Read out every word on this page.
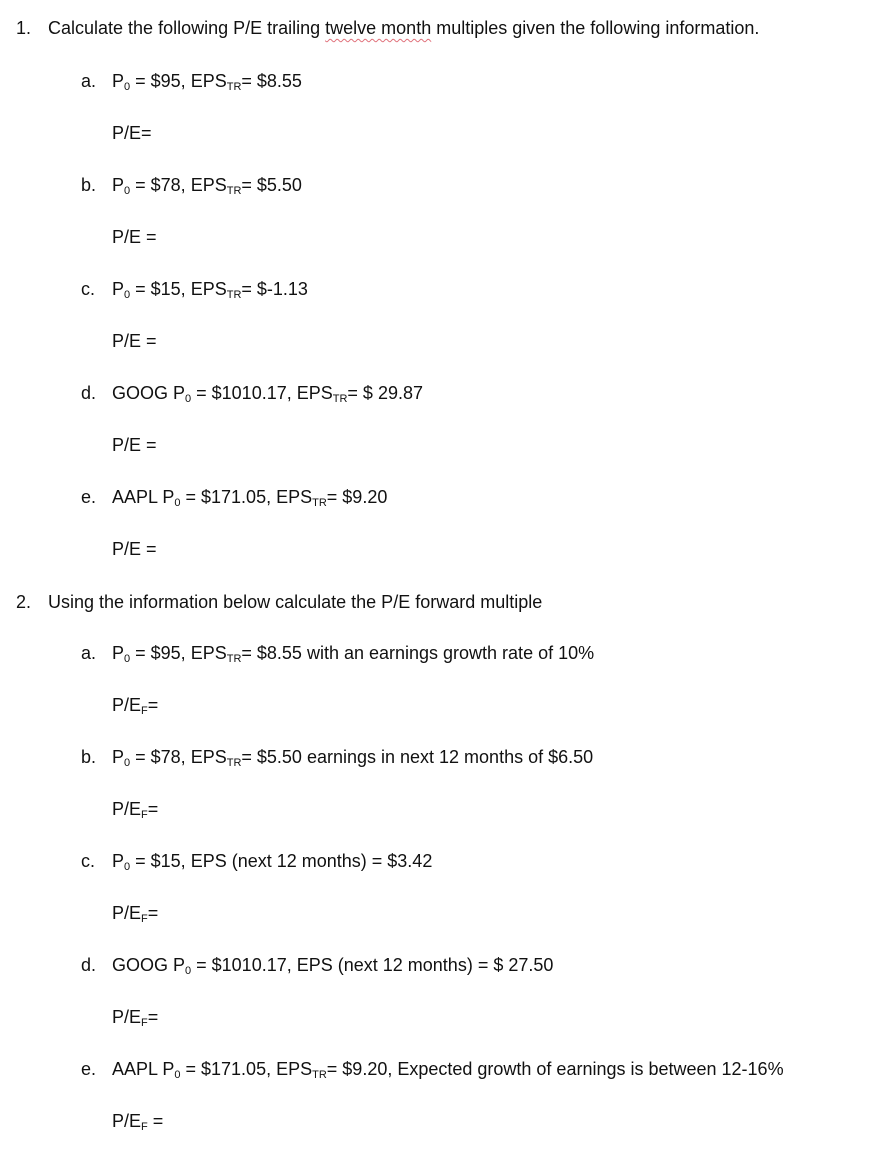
1. Calculate the following P/E trailing twelve month multiples given the following information.
a. $P_0$ = $95, $EPS_{TR}=$ $8.55
P/E=
b. $P_0$ = $78, $EPS_{TR}=$ $5.50
P/E =
c. $P_0$ = $15, $EPS_{TR}=$ $-1.13
P/E =
d. GOOG $P_0$ = $1010.17, $EPS_{TR}=$ $ 29.87
P/E =
e. AAPL $P_0$ = $171.05, $EPS_{TR}=$ $9.20
P/E =
2. Using the information below calculate the P/E forward multiple
a. $P_0$ = $95, $EPS_{TR}=$ $8.55 with an earnings growth rate of 10%
$P/E_F=$
b. $P_0$ = $78, $EPS_{TR}=$ $5.50 earnings in next 12 months of $6.50
$P/E_F=$
c. $P_0$ = $15, EPS (next 12 months) = $3.42
$P/E_F=$
d. GOOG $P_0$ = $1010.17, EPS (next 12 months) = $ 27.50
$P/E_F=$
e. AAPL $P_0$ = $171.05, $EPS_{TR}=$ $9.20, Expected growth of earnings is between 12-16%
$P/E_F$ =
